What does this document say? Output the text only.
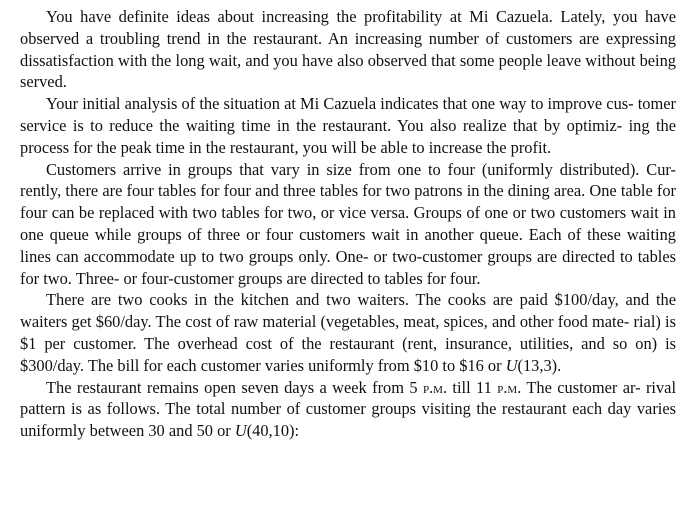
You have definite ideas about increasing the profitability at Mi Cazuela. Lately, you have observed a troubling trend in the restaurant. An increasing number of customers are expressing dissatisfaction with the long wait, and you have also observed that some people leave without being served.

Your initial analysis of the situation at Mi Cazuela indicates that one way to improve cus- tomer service is to reduce the waiting time in the restaurant. You also realize that by optimiz- ing the process for the peak time in the restaurant, you will be able to increase the profit.

Customers arrive in groups that vary in size from one to four (uniformly distributed). Cur- rently, there are four tables for four and three tables for two patrons in the dining area. One table for four can be replaced with two tables for two, or vice versa. Groups of one or two customers wait in one queue while groups of three or four customers wait in another queue. Each of these waiting lines can accommodate up to two groups only. One- or two-customer groups are directed to tables for two. Three- or four-customer groups are directed to tables for four.

There are two cooks in the kitchen and two waiters. The cooks are paid $100/day, and the waiters get $60/day. The cost of raw material (vegetables, meat, spices, and other food mate- rial) is $1 per customer. The overhead cost of the restaurant (rent, insurance, utilities, and so on) is $300/day. The bill for each customer varies uniformly from $10 to $16 or U(13,3).

The restaurant remains open seven days a week from 5 p.m. till 11 p.m. The customer ar- rival pattern is as follows. The total number of customer groups visiting the restaurant each day varies uniformly between 30 and 50 or U(40,10):
